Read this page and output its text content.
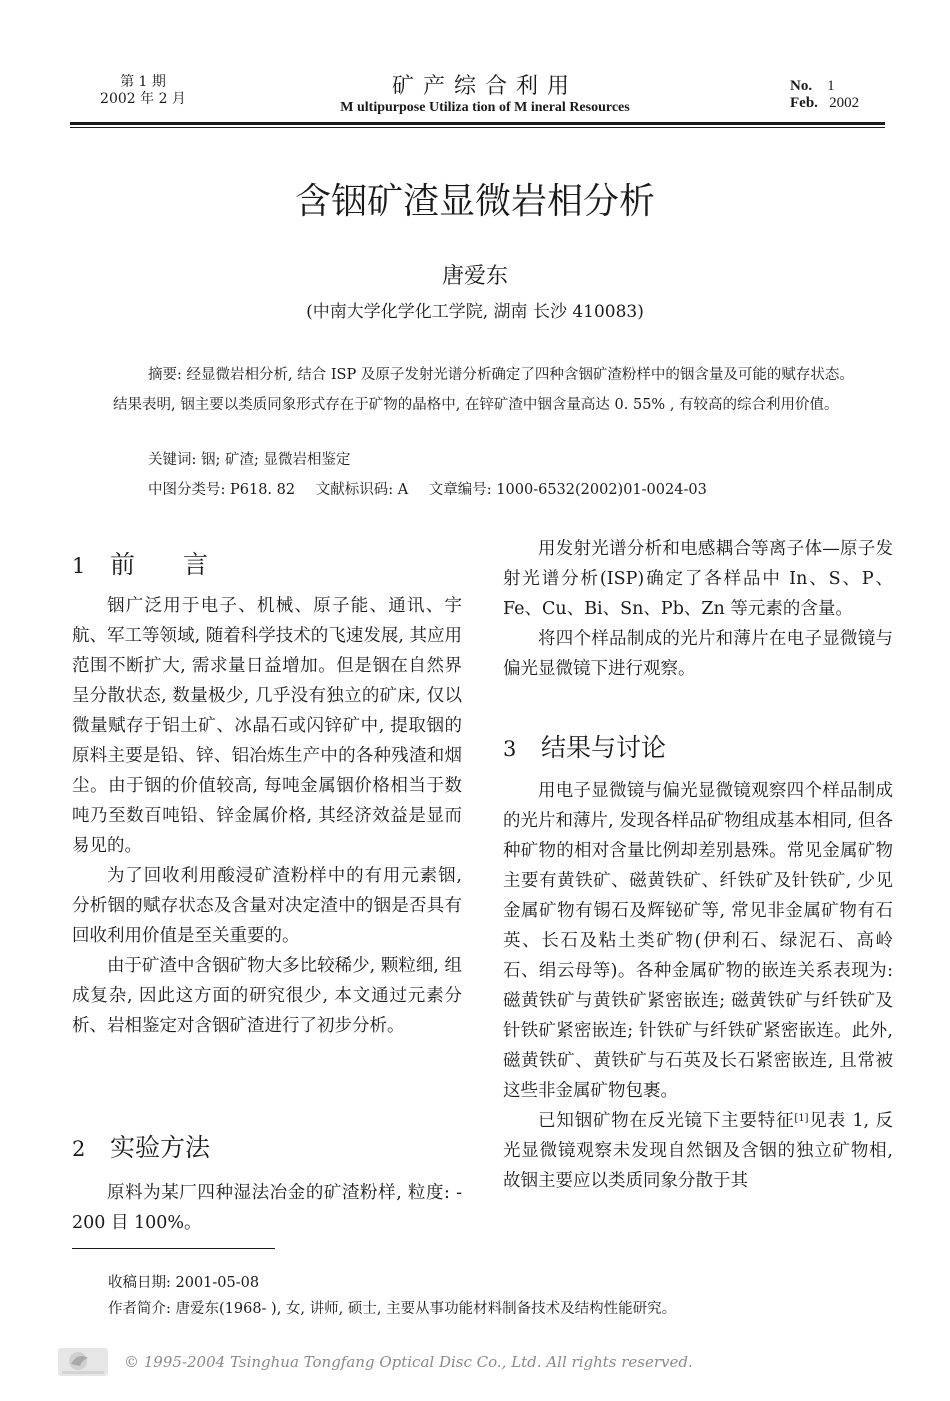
第 1 期
2002 年 2 月	矿产综合利用
M ultipurpose Utiliza tion of M ineral Resources
No. 1
Feb. 2002
含铟矿渣显微岩相分析
唐爱东
(中南大学化学化工学院, 湖南 长沙 410083)
摘要: 经显微岩相分析, 结合 ISP 及原子发射光谱分析确定了四种含铟矿渣粉样中的铟含量及可能的赋存状态。结果表明, 铟主要以类质同象形式存在于矿物的晶格中, 在锌矿渣中铟含量高达 0. 55% , 有较高的综合利用价值。
关键词: 铟; 矿渣; 显微岩相鉴定
中图分类号: P618. 82 文献标识码: A 文章编号: 1000-6532(2002)01-0024-03
1 前言

铟广泛用于电子、机械、原子能、通讯、宇航、军工等领域, 随着科学技术的飞速发展, 其应用范围不断扩大, 需求量日益增加。但是铟在自然界呈分散状态, 数量极少, 几乎没有独立的矿床, 仅以微量赋存于铝土矿、冰晶石或闪锌矿中, 提取铟的原料主要是铅、锌、铝冶炼生产中的各种残渣和烟尘。由于铟的价值较高, 每吨金属铟价格相当于数吨乃至数百吨铅、锌金属价格, 其经济效益是显而易见的。

为了回收利用酸浸矿渣粉样中的有用元素铟, 分析铟的赋存状态及含量对决定渣中的铟是否具有回收利用价值是至关重要的。

由于矿渣中含铟矿物大多比较稀少, 颗粒细, 组成复杂, 因此这方面的研究很少, 本文通过元素分析、岩相鉴定对含铟矿渣进行了初步分析。

2 实验方法

原料为某厂四种湿法冶金的矿渣粉样, 粒度: - 200 目 100%。

用发射光谱分析和电感耦合等离子体—原子发射光谱分析(ISP)确定了各样品中 In、S、P、Fe、Cu、Bi、Sn、Pb、Zn 等元素的含量。

将四个样品制成的光片和薄片在电子显微镜与偏光显微镜下进行观察。

3 结果与讨论

用电子显微镜与偏光显微镜观察四个样品制成的光片和薄片, 发现各样品矿物组成基本相同, 但各种矿物的相对含量比例却差别悬殊。常见金属矿物主要有黄铁矿、磁黄铁矿、纤铁矿及针铁矿, 少见金属矿物有锡石及辉铋矿等, 常见非金属矿物有石英、长石及粘土类矿物(伊利石、绿泥石、高岭石、绢云母等)。各种金属矿物的嵌连关系表现为: 磁黄铁矿与黄铁矿紧密嵌连; 磁黄铁矿与纤铁矿及针铁矿紧密嵌连; 针铁矿与纤铁矿紧密嵌连。此外, 磁黄铁矿、黄铁矿与石英及长石紧密嵌连, 且常被这些非金属矿物包裹。

已知铟矿物在反光镜下主要特征[1]见表 1, 反光显微镜观察未发现自然铟及含铟的独立矿物相, 故铟主要应以类质同象分散于其

收稿日期: 2001-05-08
作者简介: 唐爱东(1968- ), 女, 讲师, 硕士, 主要从事功能材料制备技术及结构性能研究。
© 1995-2004 Tsinghua Tongfang Optical Disc Co., Ltd. All rights reserved.
